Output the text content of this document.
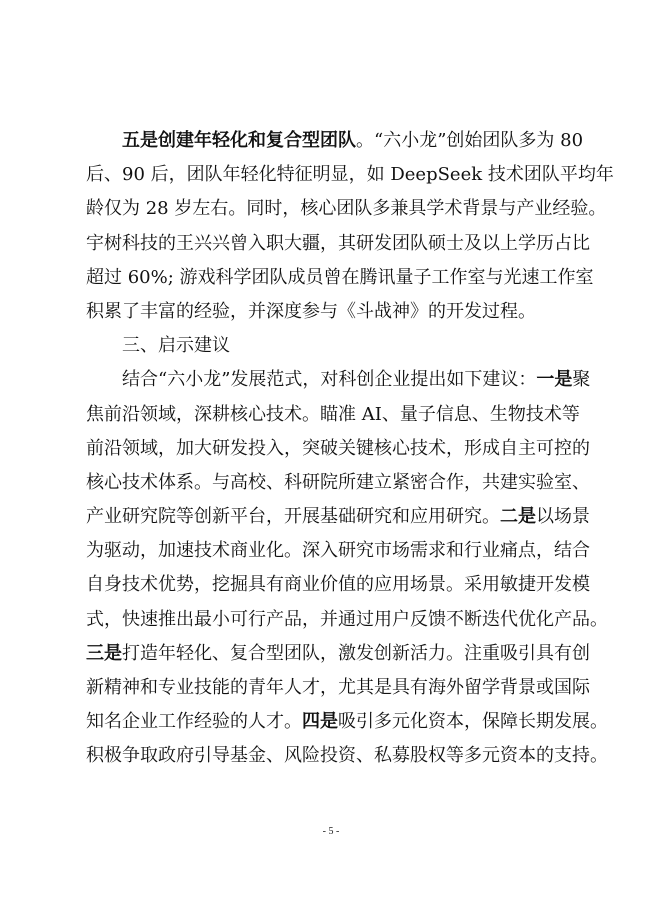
五是创建年轻化和复合型团队。“六小龙”创始团队多为 80
后、90 后，团队年轻化特征明显，如 DeepSeek 技术团队平均年
龄仅为 28 岁左右。同时，核心团队多兼具学术背景与产业经验。
宇树科技的王兴兴曾入职大疆，其研发团队硕士及以上学历占比
超过 60%; 游戏科学团队成员曾在腾讯量子工作室与光速工作室
积累了丰富的经验，并深度参与《斗战神》的开发过程。
三、启示建议
结合“六小龙”发展范式，对科创企业提出如下建议：一是聚
焦前沿领域，深耕核心技术。瞄准 AI、量子信息、生物技术等
前沿领域，加大研发投入，突破关键核心技术，形成自主可控的
核心技术体系。与高校、科研院所建立紧密合作，共建实验室、
产业研究院等创新平台，开展基础研究和应用研究。二是以场景
为驱动，加速技术商业化。深入研究市场需求和行业痛点，结合
自身技术优势，挖掘具有商业价值的应用场景。采用敏捷开发模
式，快速推出最小可行产品，并通过用户反馈不断迭代优化产品。
三是打造年轻化、复合型团队，激发创新活力。注重吸引具有创
新精神和专业技能的青年人才，尤其是具有海外留学背景或国际
知名企业工作经验的人才。四是吸引多元化资本，保障长期发展。
积极争取政府引导基金、风险投资、私募股权等多元资本的支持。
- 5 -
